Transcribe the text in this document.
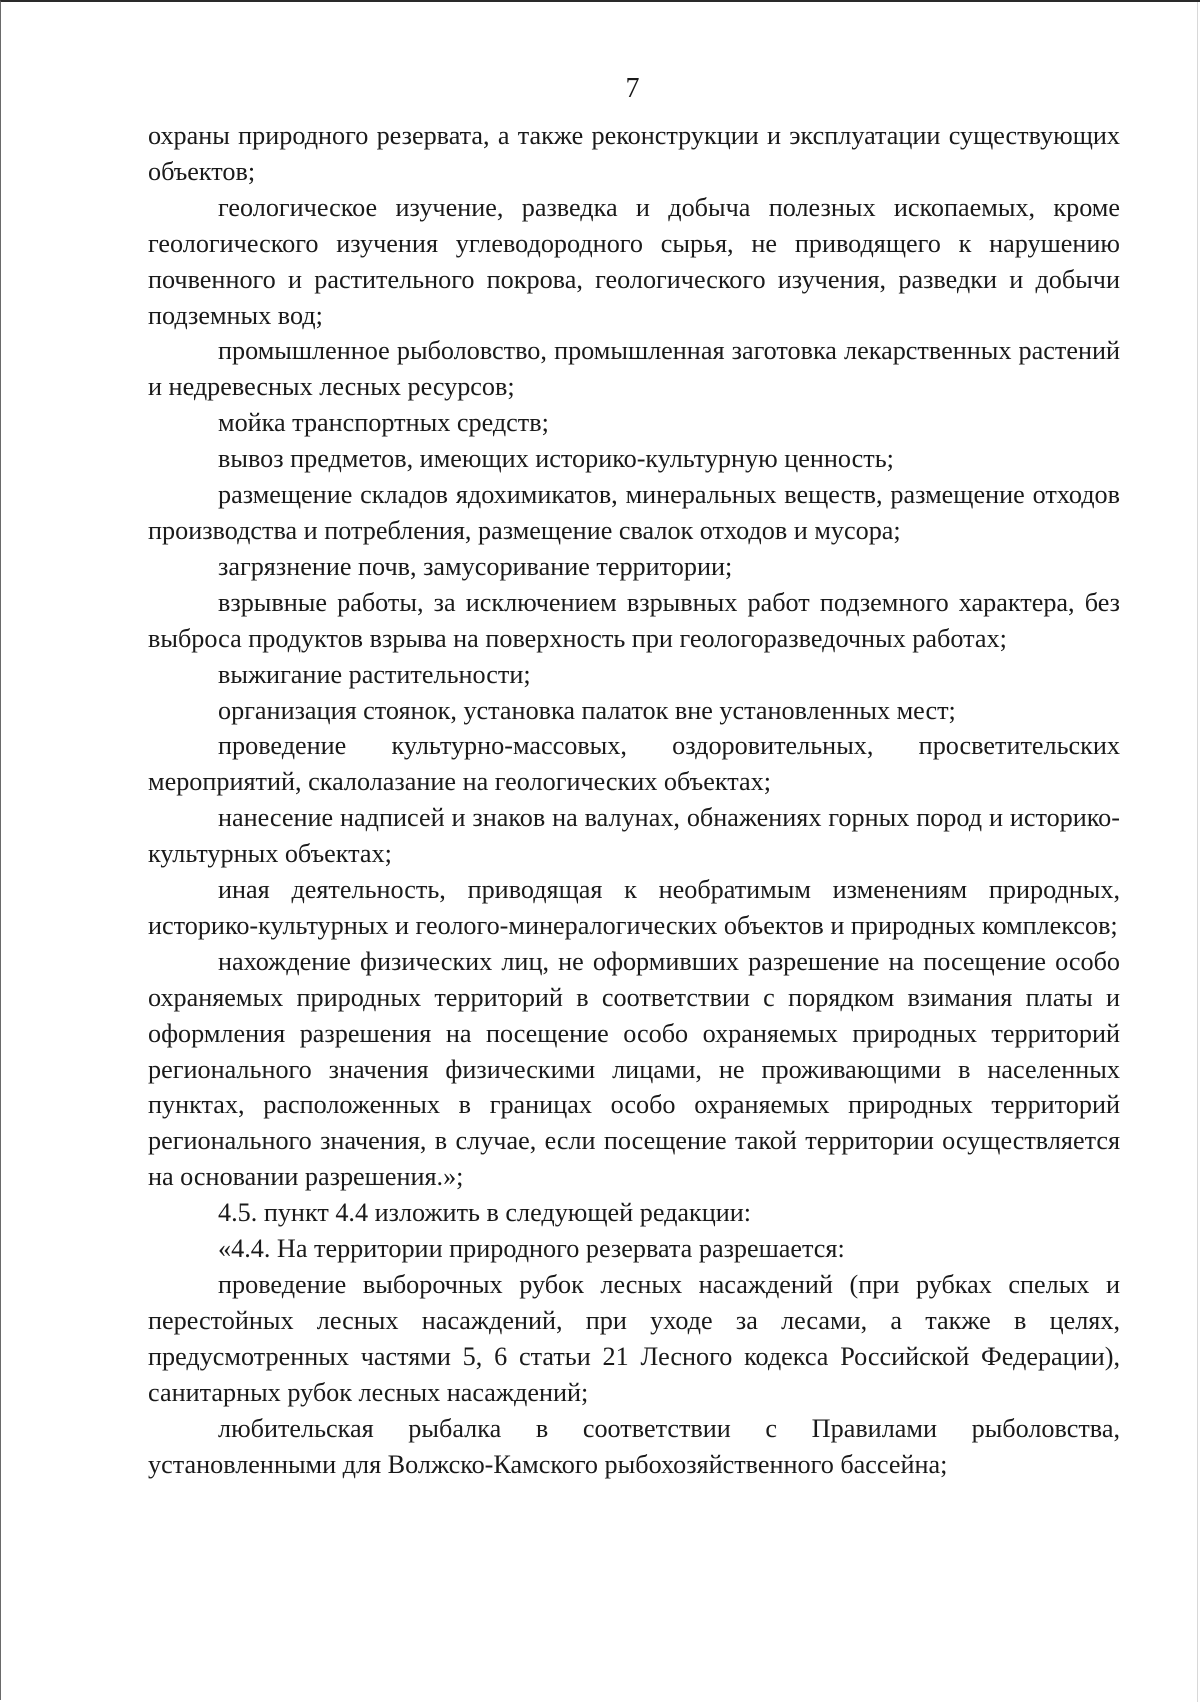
7

охраны природного резервата, а также реконструкции и эксплуатации существующих объектов;

геологическое изучение, разведка и добыча полезных ископаемых, кроме геологического изучения углеводородного сырья, не приводящего к нарушению почвенного и растительного покрова, геологического изучения, разведки и добычи подземных вод;

промышленное рыболовство, промышленная заготовка лекарственных растений и недревесных лесных ресурсов;

мойка транспортных средств;

вывоз предметов, имеющих историко-культурную ценность;

размещение складов ядохимикатов, минеральных веществ, размещение отходов производства и потребления, размещение свалок отходов и мусора;

загрязнение почв, замусоривание территории;

взрывные работы, за исключением взрывных работ подземного характера, без выброса продуктов взрыва на поверхность при геологоразведочных работах;

выжигание растительности;

организация стоянок, установка палаток вне установленных мест;

проведение культурно-массовых, оздоровительных, просветительских мероприятий, скалолазание на геологических объектах;

нанесение надписей и знаков на валунах, обнажениях горных пород и историко-культурных объектах;

иная деятельность, приводящая к необратимым изменениям природных, историко-культурных и геолого-минералогических объектов и природных комплексов;

нахождение физических лиц, не оформивших разрешение на посещение особо охраняемых природных территорий в соответствии с порядком взимания платы и оформления разрешения на посещение особо охраняемых природных территорий регионального значения физическими лицами, не проживающими в населенных пунктах, расположенных в границах особо охраняемых природных территорий регионального значения, в случае, если посещение такой территории осуществляется на основании разрешения.»;

4.5. пункт 4.4 изложить в следующей редакции:

«4.4. На территории природного резервата разрешается:

проведение выборочных рубок лесных насаждений (при рубках спелых и перестойных лесных насаждений, при уходе за лесами, а также в целях, предусмотренных частями 5, 6 статьи 21 Лесного кодекса Российской Федерации), санитарных рубок лесных насаждений;

любительская рыбалка в соответствии с Правилами рыболовства, установленными для Волжско-Камского рыбохозяйственного бассейна;
